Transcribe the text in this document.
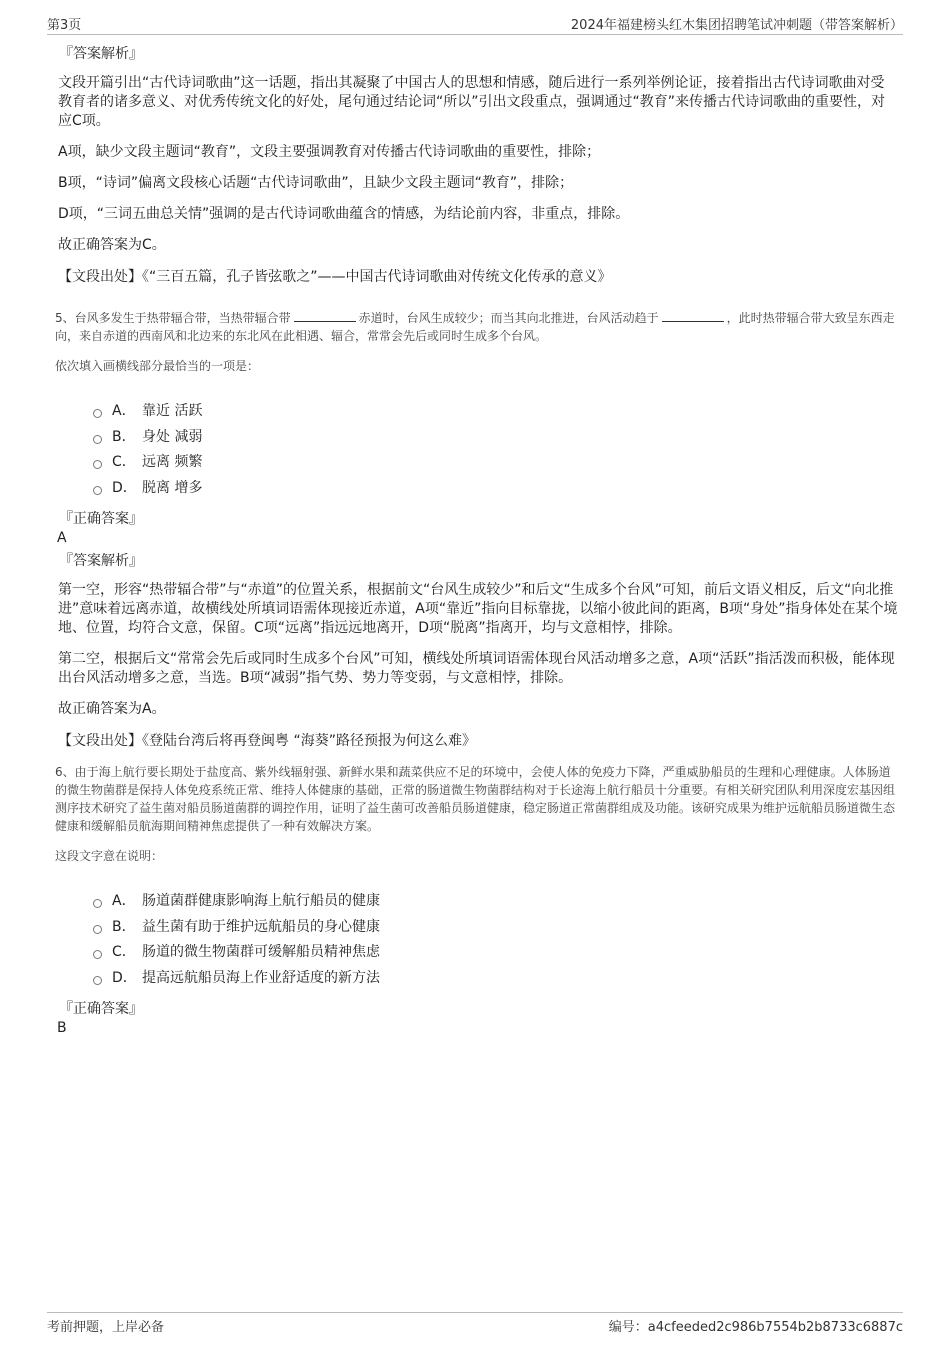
第3页	2024年福建榜头红木集团招聘笔试冲刺题（带答案解析）
『答案解析』

文段开篇引出“古代诗词歌曲”这一话题，指出其凝聚了中国古人的思想和情感，随后进行一系列举例论证，接着指出古代诗词歌曲对受教育者的诸多意义、对优秀传统文化的好处，尾句通过结论词“所以”引出文段重点，强调通过“教育”来传播古代诗词歌曲的重要性，对应C项。

A项，缺少文段主题词“教育”，文段主要强调教育对传播古代诗词歌曲的重要性，排除；

B项，“诗词”偏离文段核心话题“古代诗词歌曲”，且缺少文段主题词“教育”，排除；

D项，“三词五曲总关情”强调的是古代诗词歌曲蕴含的情感，为结论前内容，非重点，排除。

故正确答案为C。

【文段出处】《“三百五篇，孔子皆弦歌之”——中国古代诗词歌曲对传统文化传承的意义》

5、台风多发生于热带辐合带，当热带辐合带	赤道时，台风生成较少；而当其向北推进，台风活动趋于	，此时热带辐合带大致呈东西走向，来自赤道的西南风和北边来的东北风在此相遇、辐合，常常会先后或同时生成多个台风。

依次填入画横线部分最恰当的一项是：

A． 靠近 活跃
B． 身处 减弱
C． 远离 频繁
D． 脱离 增多
『正确答案』
A
『答案解析』

第一空，形容“热带辐合带”与“赤道”的位置关系，根据前文“台风生成较少”和后文“生成多个台风”可知，前后文语义相反，后文“向北推进”意味着远离赤道，故横线处所填词语需体现接近赤道，A项“靠近”指向目标靠拢，以缩小彼此间的距离，B项“身处”指身体处在某个境地、位置，均符合文意，保留。C项“远离”指远远地离开，D项“脱离”指离开，均与文意相悖，排除。

第二空，根据后文“常常会先后或同时生成多个台风”可知，横线处所填词语需体现台风活动增多之意，A项“活跃”指活泼而积极，能体现出台风活动增多之意，当选。B项“减弱”指气势、势力等变弱，与文意相悖，排除。

故正确答案为A。

【文段出处】《登陆台湾后将再登闽粤 “海葵”路径预报为何这么难》

6、由于海上航行要长期处于盐度高、紫外线辐射强、新鲜水果和蔬菜供应不足的环境中，会使人体的免疫力下降，严重威胁船员的生理和心理健康。人体肠道的微生物菌群是保持人体免疫系统正常、维持人体健康的基础，正常的肠道微生物菌群结构对于长途海上航行船员十分重要。有相关研究团队利用深度宏基因组测序技术研究了益生菌对船员肠道菌群的调控作用，证明了益生菌可改善船员肠道健康，稳定肠道正常菌群组成及功能。该研究成果为维护远航船员肠道微生态健康和缓解船员航海期间精神焦虑提供了一种有效解决方案。

这段文字意在说明：

A． 肠道菌群健康影响海上航行船员的健康
B． 益生菌有助于维护远航船员的身心健康
C． 肠道的微生物菌群可缓解船员精神焦虑
D． 提高远航船员海上作业舒适度的新方法
『正确答案』
B
考前押题，上岸必备	编号：a4cfeeded2c986b7554b2b8733c6887c
